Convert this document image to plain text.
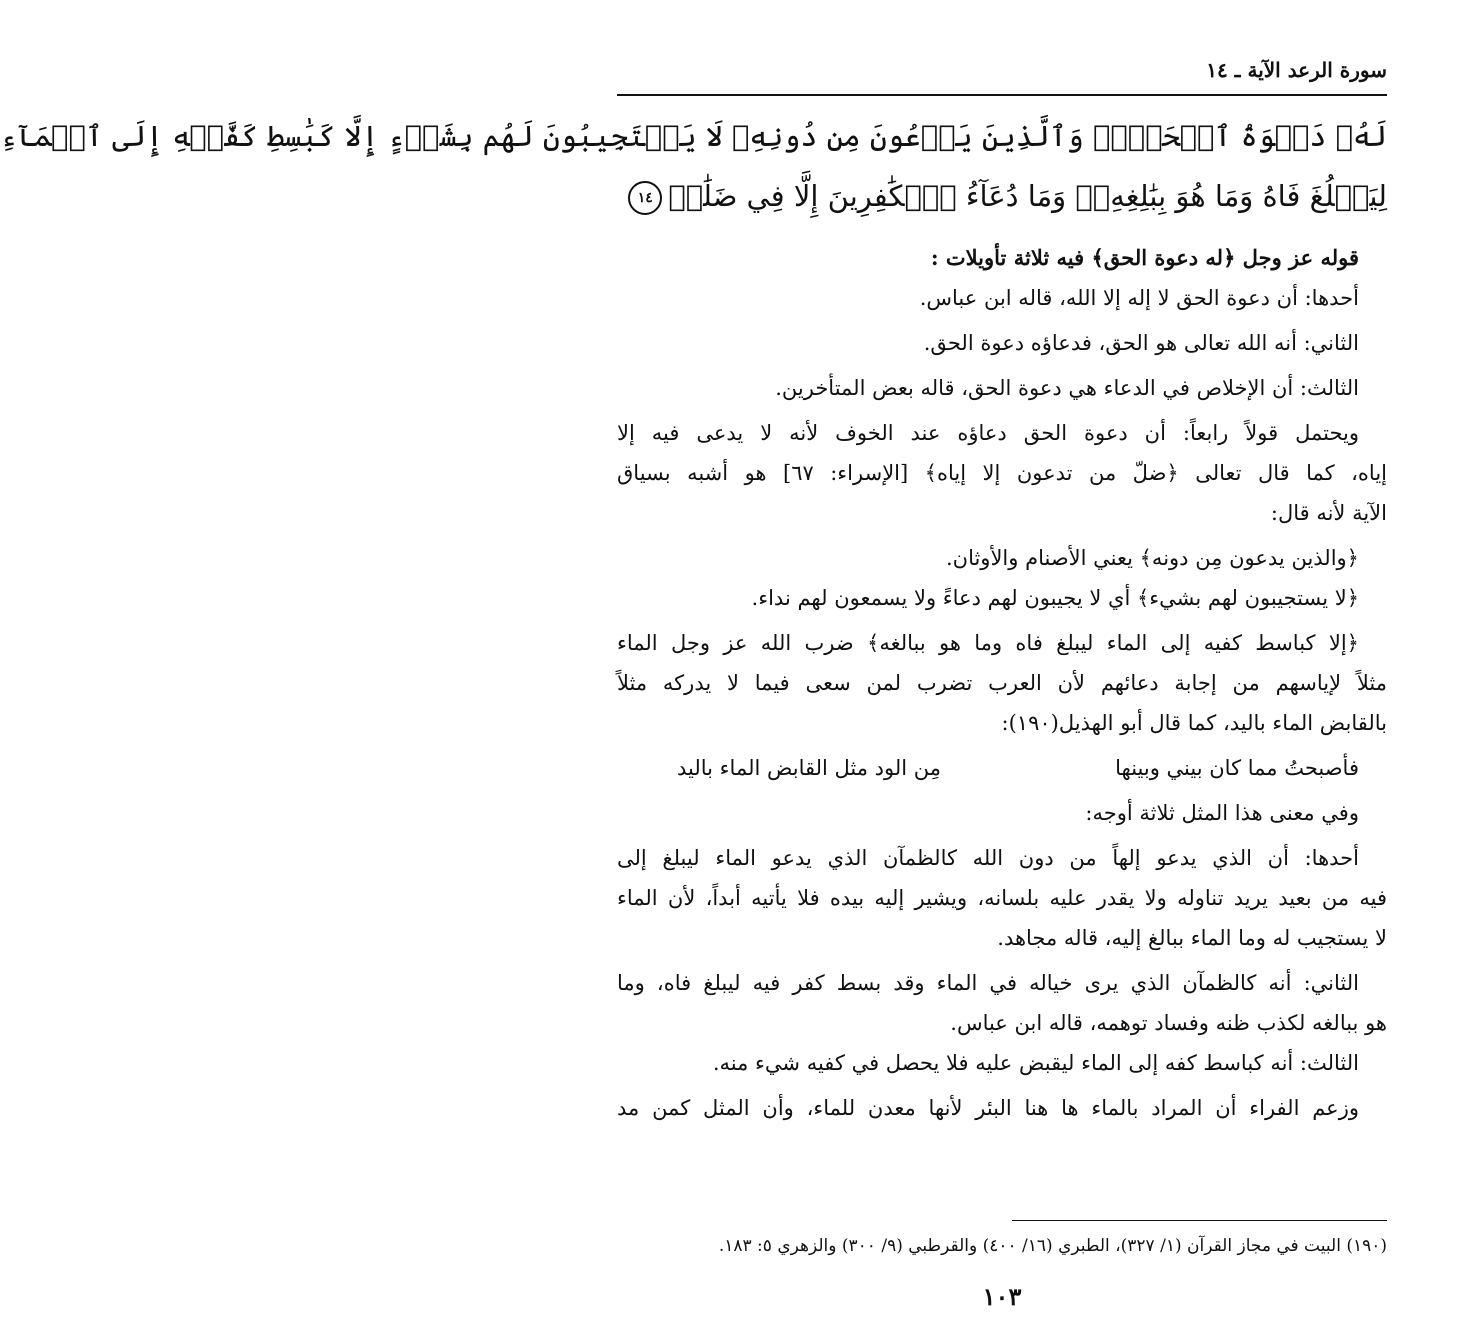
سورة الرعد الآية ـ ١٤
لَهُۥ دَعۡوَةُ ٱلۡحَقِّۖ وَٱلَّذِينَ يَدۡعُونَ مِن دُونِهِۦ لَا يَسۡتَجِيبُونَ لَهُم بِشَيۡءٍ إِلَّا كَبَٰسِطِ كَفَّيۡهِ إِلَى ٱلۡمَآءِ
لِيَبۡلُغَ فَاهُ وَمَا هُوَ بِبَٰلِغِهِۦۚ وَمَا دُعَآءُ ٱلۡكَٰفِرِينَ إِلَّا فِي ضَلَٰلٖ١٤
قوله عز وجل ﴿له دعوة الحق﴾ فيه ثلاثة تأويلات :
أحدها: أن دعوة الحق لا إله إلا الله، قاله ابن عباس.
الثاني: أنه الله تعالى هو الحق، فدعاؤه دعوة الحق.
الثالث: أن الإخلاص في الدعاء هي دعوة الحق، قاله بعض المتأخرين.
ويحتمل قولاً رابعاً: أن دعوة الحق دعاؤه عند الخوف لأنه لا يدعى فيه إلا
إياه، كما قال تعالى ﴿ضلّ من تدعون إلا إياه﴾ [الإسراء: ٦٧] هو أشبه بسياق
الآية لأنه قال:
﴿والذين يدعون مِن دونه﴾ يعني الأصنام والأوثان.
﴿لا يستجيبون لهم بشيء﴾ أي لا يجيبون لهم دعاءً ولا يسمعون لهم نداء.
﴿إلا كباسط كفيه إلى الماء ليبلغ فاه وما هو ببالغه﴾ ضرب الله عز وجل الماء
مثلاً لإياسهم من إجابة دعائهم لأن العرب تضرب لمن سعى فيما لا يدركه مثلاً
بالقابض الماء باليد، كما قال أبو الهذيل(١٩٠):
فأصبحتُ مما كان بيني وبينها
مِن الود مثل القابض الماء باليد
وفي معنى هذا المثل ثلاثة أوجه:
أحدها: أن الذي يدعو إلهاً من دون الله كالظمآن الذي يدعو الماء ليبلغ إلى
فيه من بعيد يريد تناوله ولا يقدر عليه بلسانه، ويشير إليه بيده فلا يأتيه أبداً، لأن الماء
لا يستجيب له وما الماء ببالغ إليه، قاله مجاهد.
الثاني: أنه كالظمآن الذي يرى خياله في الماء وقد بسط كفر فيه ليبلغ فاه، وما
هو ببالغه لكذب ظنه وفساد توهمه، قاله ابن عباس.
الثالث: أنه كباسط كفه إلى الماء ليقبض عليه فلا يحصل في كفيه شيء منه.
وزعم الفراء أن المراد بالماء ها هنا البئر لأنها معدن للماء، وأن المثل كمن مد
(١٩٠) البيت في مجاز القرآن (١/ ٣٢٧)، الطبري (١٦/ ٤٠٠) والقرطبي (٩/ ٣٠٠) والزهري ٥: ١٨٣.
١٠٣
